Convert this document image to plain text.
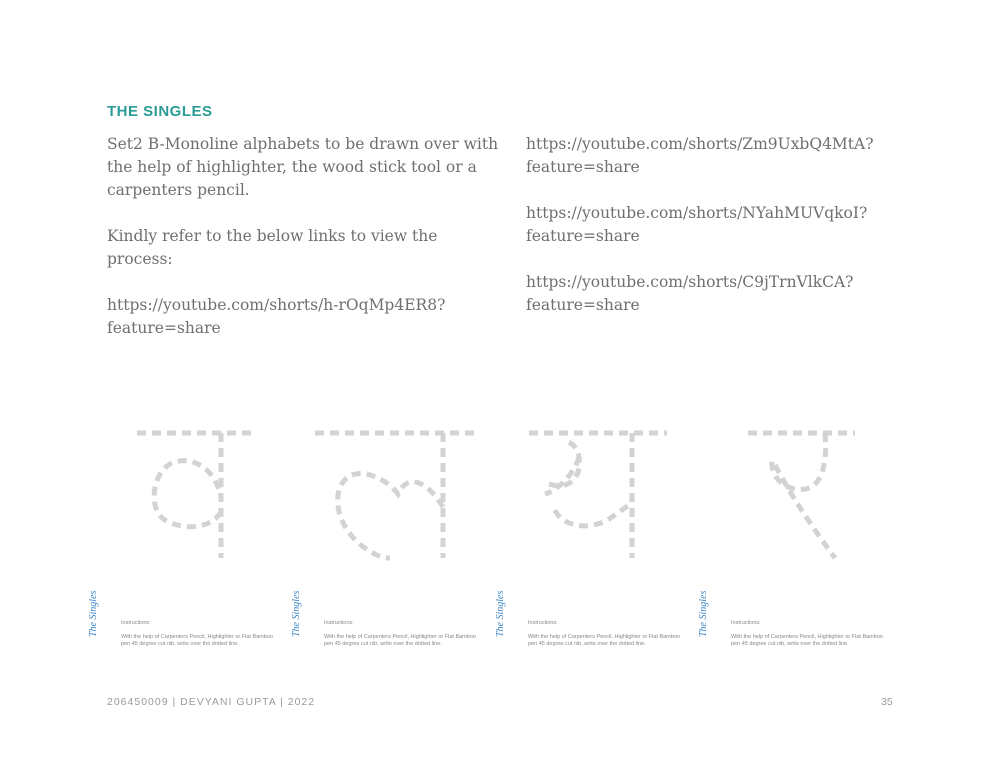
THE SINGLES

Set2 B-Monoline alphabets to be drawn over with the help of highlighter, the wood stick tool or a carpenters pencil.

Kindly refer to the below links to view the process:

https://youtube.com/shorts/h-rOqMp4ER8?feature=share

https://youtube.com/shorts/Zm9UxbQ4MtA?feature=share

https://youtube.com/shorts/NYahMUVqkoI?feature=share

https://youtube.com/shorts/C9jTrnVlkCA?feature=share

The Singles	Instructions:
With the help of Carpenters Pencil, Highlighter or Flat Bamboo pen 45 degree cut nib, write over the dotted line.
The Singles	Instructions:
With the help of Carpenters Pencil, Highlighter or Flat Bamboo pen 45 degree cut nib, write over the dotted line.
The Singles	Instructions:
With the help of Carpenters Pencil, Highlighter or Flat Bamboo pen 45 degree cut nib, write over the dotted line.
The Singles	Instructions:
With the help of Carpenters Pencil, Highlighter or Flat Bamboo pen 45 degree cut nib, write over the dotted line.
206450009 | DEVYANI GUPTA | 2022	35
